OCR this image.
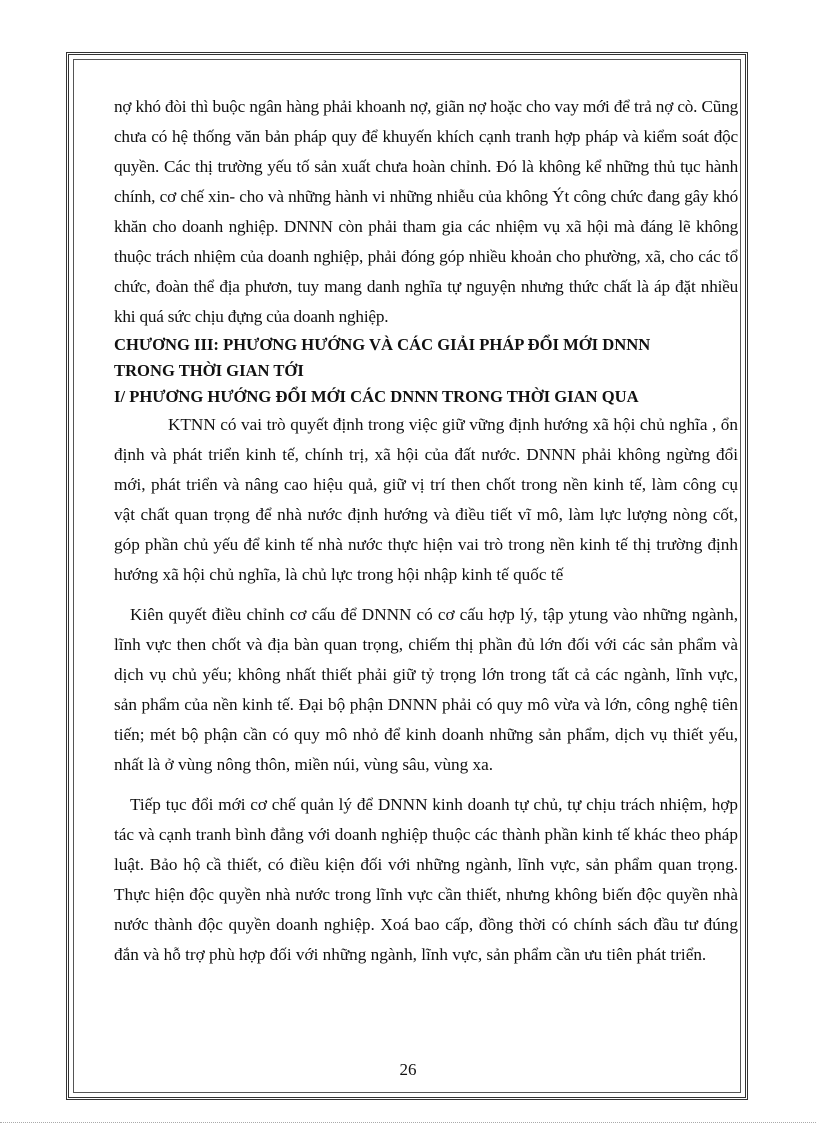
nợ khó đòi thì buộc ngân hàng phải khoanh nợ, giãn nợ hoặc cho vay mới để trả nợ cò. Cũng chưa có hệ thống văn bản pháp quy để khuyến khích cạnh tranh hợp pháp và kiểm soát độc quyền. Các thị trường yếu tố sản xuất chưa hoàn chỉnh. Đó là không kể những thủ tục hành chính, cơ chế xin- cho và những hành vi những nhiễu của không Ýt công chức đang gây khó khăn cho doanh nghiệp. DNNN còn phải tham gia các nhiệm vụ xã hội mà đáng lẽ không thuộc trách nhiệm của doanh nghiệp, phải đóng góp nhiều khoản cho phường, xã, cho các tổ chức, đoàn thể địa phươn, tuy mang danh nghĩa tự nguyện nhưng thức chất là áp đặt nhiều khi quá sức chịu đựng của doanh nghiệp.

CHƯƠNG III: PHƯƠNG HƯỚNG VÀ CÁC GIẢI PHÁP ĐỔI MỚI DNNN

TRONG THỜI GIAN TỚI

I/ PHƯƠNG HƯỚNG ĐỔI MỚI CÁC DNNN TRONG THỜI GIAN QUA

KTNN có vai trò quyết định trong việc giữ vững định hướng xã hội chủ nghĩa , ổn định và phát triển kinh tế, chính trị, xã hội của đất nước. DNNN phải không ngừng đổi mới, phát triển và nâng cao hiệu quả, giữ vị trí then chốt trong nền kinh tế, làm công cụ vật chất quan trọng để nhà nước định hướng và điều tiết vĩ mô, làm lực lượng nòng cốt, góp phần chủ yếu để kinh tế nhà nước thực hiện vai trò trong nền kinh tế thị trường định hướng xã hội chủ nghĩa, là chủ lực trong hội nhập kinh tế quốc tế

Kiên quyết điều chỉnh cơ cấu để DNNN có cơ cấu hợp lý, tập ytung vào những ngành, lĩnh vực then chốt và địa bàn quan trọng, chiếm thị phần đủ lớn đối với các sản phẩm và dịch vụ chủ yếu; không nhất thiết phải giữ tỷ trọng lớn trong tất cả các ngành, lĩnh vực, sản phẩm của nền kinh tế. Đại bộ phận DNNN phải có quy mô vừa và lớn, công nghệ tiên tiến; mét bộ phận cần có quy mô nhỏ để kinh doanh những sản phẩm, dịch vụ thiết yếu, nhất là ở vùng nông thôn, miền núi, vùng sâu, vùng xa.

Tiếp tục đổi mới cơ chế quản lý để DNNN kinh doanh tự chủ, tự chịu trách nhiệm, hợp tác và cạnh tranh bình đẳng với doanh nghiệp thuộc các thành phần kinh tế khác theo pháp luật. Bảo hộ cầ thiết, có điều kiện đối với những ngành, lĩnh vực, sản phẩm quan trọng. Thực hiện độc quyền nhà nước trong lĩnh vực cần thiết, nhưng không biến độc quyền nhà nước thành độc quyền doanh nghiệp. Xoá bao cấp, đồng thời có chính sách đầu tư đúng đắn và hỗ trợ phù hợp đối với những ngành, lĩnh vực, sản phẩm cần ưu tiên phát triển.

26
